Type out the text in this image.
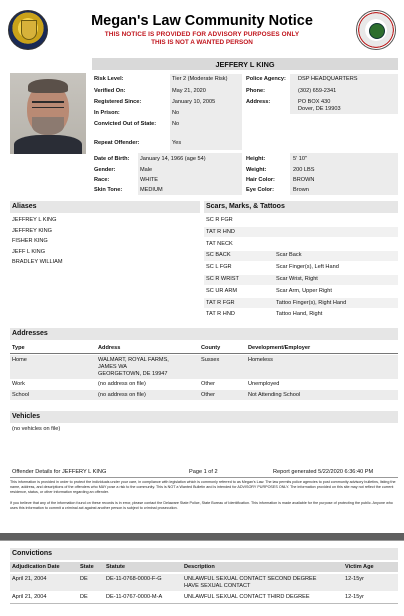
Megan's Law Community Notice
THIS NOTICE IS PROVIDED FOR ADVISORY PURPOSES ONLY
THIS IS NOT A WANTED PERSON
JEFFERY L KING
Risk Level:	Tier 2 (Moderate Risk)
Verified On:	May 21, 2020
Registered Since:	January 10, 2005
In Prison:	No
Convicted Out of State:	No
Repeat Offender:	Yes
Police Agency: DSP HEADQUARTERS
Phone:	(302) 659-2341
Address:	PO BOX 430
Dover, DE 19903
Date of Birth: January 14, 1966 (age 54)
Gender:	Male
Race:	WHITE
Skin Tone:	MEDIUM
Height:	5' 10"
Weight:	200 LBS
Hair Color:	BROWN
Eye Color:	Brown
Aliases	Scars, Marks, & Tattoos
JEFFREY L KING
JEFFREY KING
FISHER KING
JEFF L KING
BRADLEY WILLIAM
SC R FGR
TAT R HND
TAT NECK
SC BACK	Scar Back
SC L FGR	Scar Finger(s), Left Hand
SC R WRIST	Scar Wrist, Right
SC UR ARM	Scar Arm, Upper Right
TAT R FGR	Tattoo Finger(s), Right Hand
TAT R HND	Tattoo Hand, Right
Addresses
Type	Address	County	Development/Employer
Home	WALMART, ROYAL FARMS,
JAMES WA
GEORGETOWN, DE 19947
Sussex	Homeless
Work	(no address on file)	Other	Unemployed
School	(no address on file)	Other	Not Attending School
Vehicles
(no vehicles on file)
Offender Details for JEFFERY L KING	Page 1 of 2	Report generated 5/22/2020 6:36:40 PM
This information is provided in order to protect the individuals under your care, in compliance with legislation which is commonly referred to as Megan's Law. The law permits police agencies to post community advisory bulletins, listing the name, address, and descriptions of the offenders who MAY pose a risk to the community. This is NOT a Wanted Bulletin and is intended for ADVISORY PURPOSES ONLY. The information provided on this site may not reflect the current residence, status, or other information regarding an offender.
If you believe that any of the information found on these records is in error, please contact the Delaware State Police, State Bureau of Identification. This information is made available for the purpose of protecting the public. Anyone who uses this information to commit a criminal act against another person is subject to criminal prosecution.
Convictions
Adjudication Date	State Statute	Description	Victim Age
April 21, 2004	DE	DE-11-0768-0000-F-G	UNLAWFUL SEXUAL CONTACT SECOND DEGREE
HAVE SEXUAL CONTACT
12-15yr
April 21, 2004	DE	DE-11-0767-0000-M-A	UNLAWFUL SEXUAL CONTACT THIRD DEGREE	12-15yr
